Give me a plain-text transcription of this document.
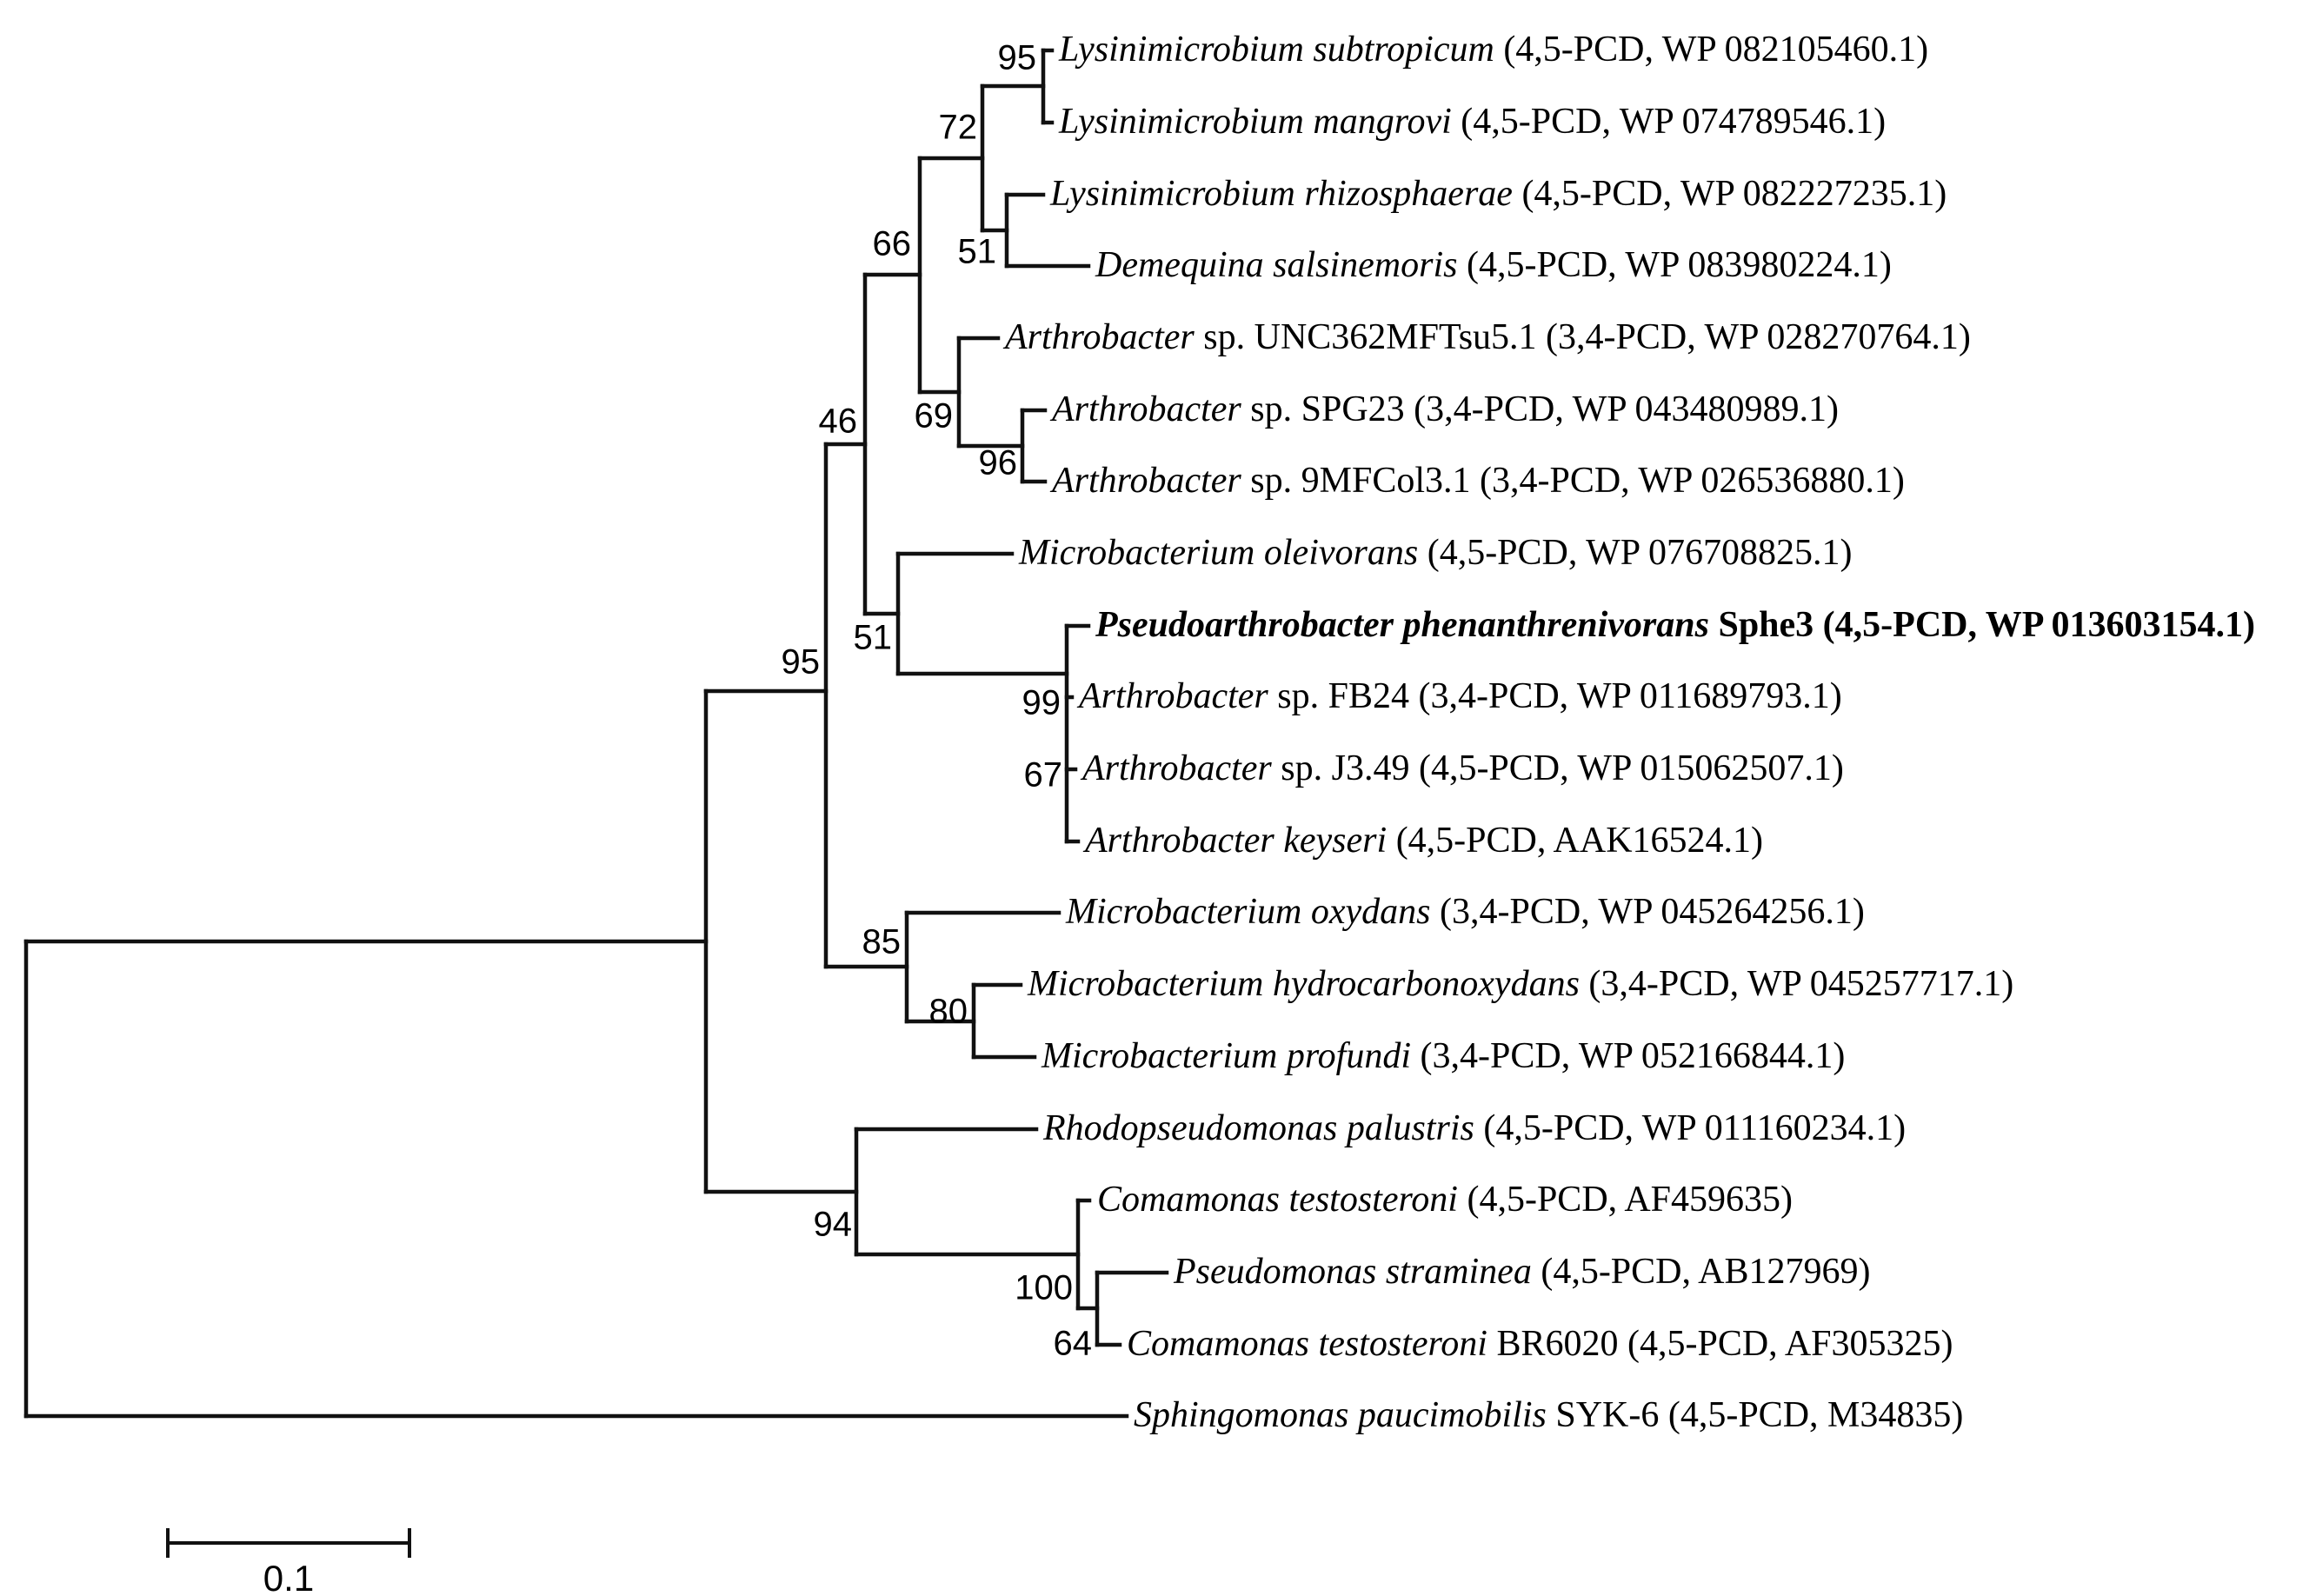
Lysinimicrobium subtropicum (4,5-PCD, WP 082105460.1)
Lysinimicrobium mangrovi (4,5-PCD, WP 074789546.1)
Lysinimicrobium rhizosphaerae (4,5-PCD, WP 082227235.1)
Demequina salsinemoris (4,5-PCD, WP 083980224.1)
Arthrobacter sp. UNC362MFTsu5.1 (3,4-PCD, WP 028270764.1)
Arthrobacter sp. SPG23 (3,4-PCD, WP 043480989.1)
Arthrobacter sp. 9MFCol3.1 (3,4-PCD, WP 026536880.1)
Microbacterium oleivorans (4,5-PCD, WP 076708825.1)
Pseudoarthrobacter phenanthrenivorans Sphe3 (4,5-PCD, WP 013603154.1)
Arthrobacter sp. FB24 (3,4-PCD, WP 011689793.1)
Arthrobacter sp. J3.49 (4,5-PCD, WP 015062507.1)
Arthrobacter keyseri (4,5-PCD, AAK16524.1)
Microbacterium oxydans (3,4-PCD, WP 045264256.1)
Microbacterium hydrocarbonoxydans (3,4-PCD, WP 045257717.1)
Microbacterium profundi (3,4-PCD, WP 052166844.1)
Rhodopseudomonas palustris (4,5-PCD, WP 011160234.1)
Comamonas testosteroni (4,5-PCD, AF459635)
Pseudomonas straminea (4,5-PCD, AB127969)
Comamonas testosteroni BR6020 (4,5-PCD, AF305325)
Sphingomonas paucimobilis SYK-6 (4,5-PCD, M34835)
95
72
66 51
69
96
46
95
51
99
67
85
80
94
100
64
0.1
